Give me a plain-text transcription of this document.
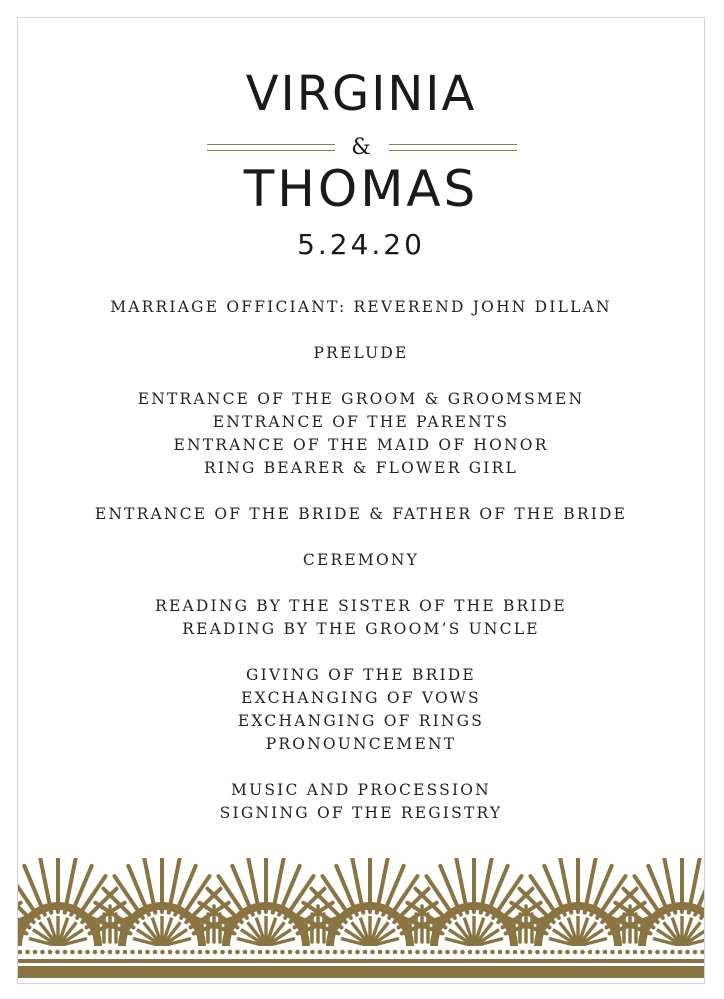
VIRGINIA
&
THOMAS
5.24.20
MARRIAGE OFFICIANT: REVEREND JOHN DILLAN
PRELUDE
ENTRANCE OF THE GROOM & GROOMSMEN
ENTRANCE OF THE PARENTS
ENTRANCE OF THE MAID OF HONOR
RING BEARER & FLOWER GIRL
ENTRANCE OF THE BRIDE & FATHER OF THE BRIDE
CEREMONY
READING BY THE SISTER OF THE BRIDE
READING BY THE GROOM’S UNCLE
GIVING OF THE BRIDE
EXCHANGING OF VOWS
EXCHANGING OF RINGS
PRONOUNCEMENT
MUSIC AND PROCESSION
SIGNING OF THE REGISTRY
